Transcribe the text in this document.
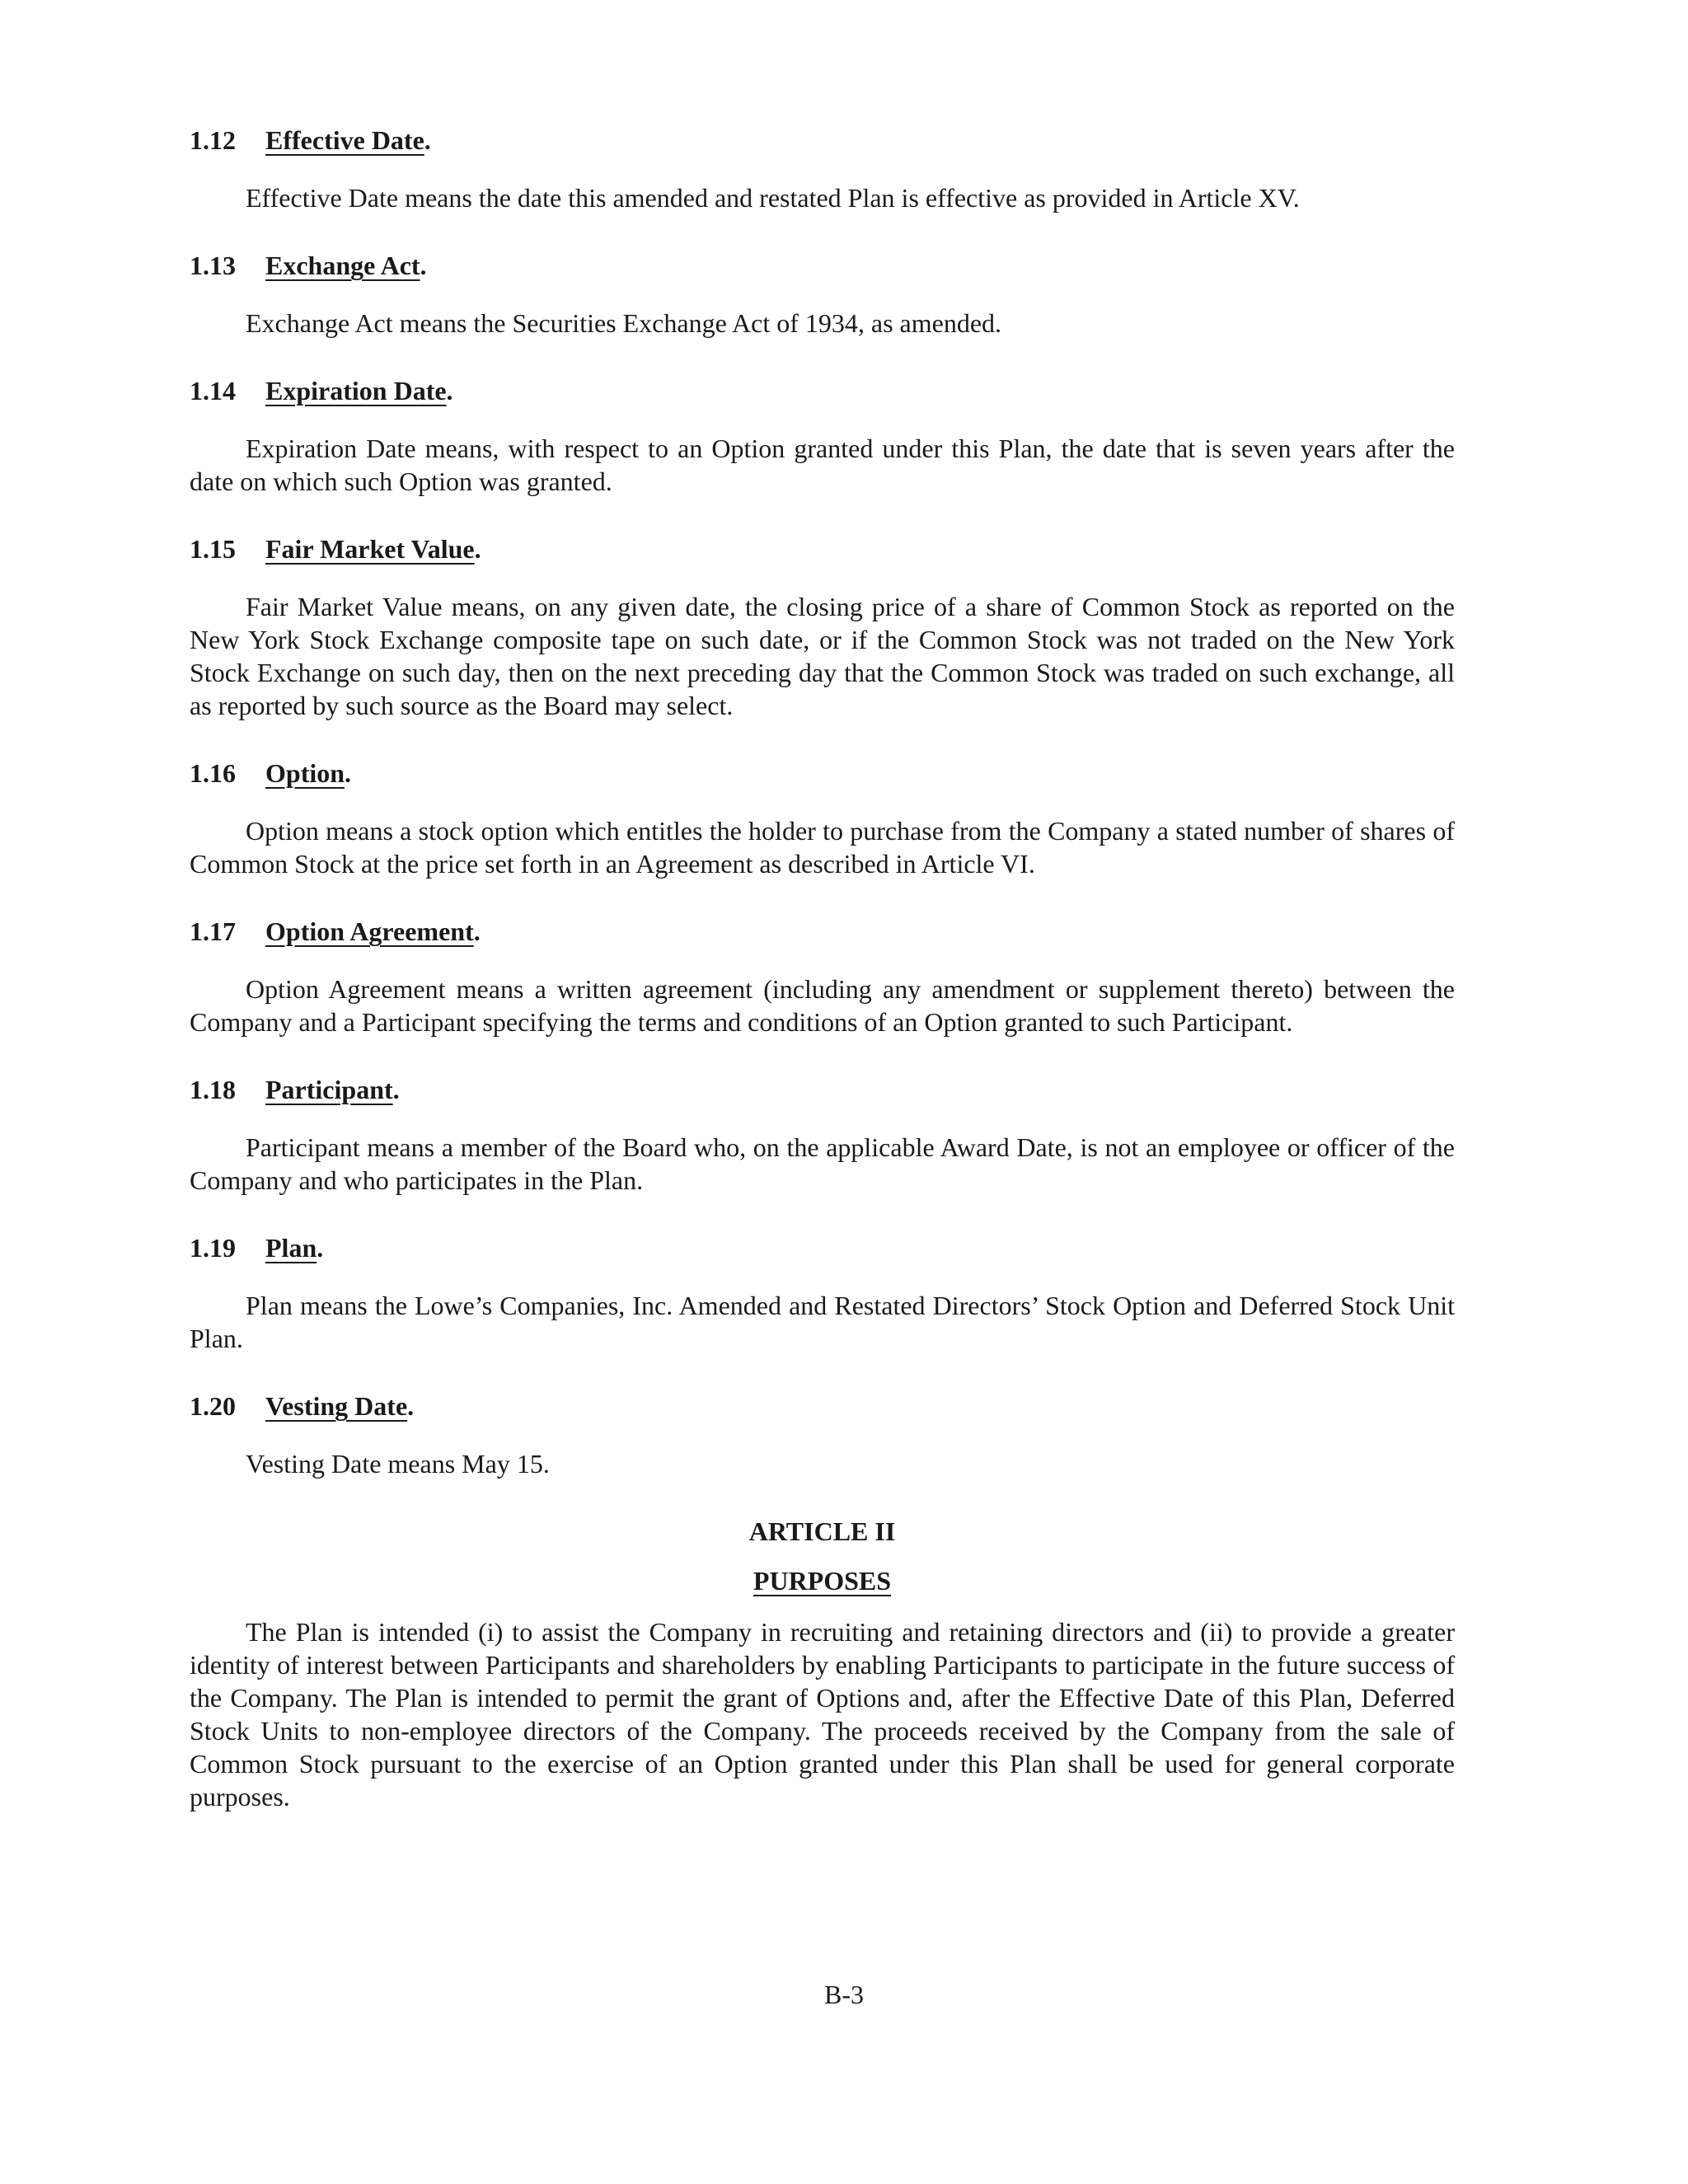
1.12 Effective Date.

Effective Date means the date this amended and restated Plan is effective as provided in Article XV.

1.13 Exchange Act.

Exchange Act means the Securities Exchange Act of 1934, as amended.

1.14 Expiration Date.

Expiration Date means, with respect to an Option granted under this Plan, the date that is seven years after the date on which such Option was granted.

1.15 Fair Market Value.

Fair Market Value means, on any given date, the closing price of a share of Common Stock as reported on the New York Stock Exchange composite tape on such date, or if the Common Stock was not traded on the New York Stock Exchange on such day, then on the next preceding day that the Common Stock was traded on such exchange, all as reported by such source as the Board may select.

1.16 Option.

Option means a stock option which entitles the holder to purchase from the Company a stated number of shares of Common Stock at the price set forth in an Agreement as described in Article VI.

1.17 Option Agreement.

Option Agreement means a written agreement (including any amendment or supplement thereto) between the Company and a Participant specifying the terms and conditions of an Option granted to such Participant.

1.18 Participant.

Participant means a member of the Board who, on the applicable Award Date, is not an employee or officer of the Company and who participates in the Plan.

1.19 Plan.

Plan means the Lowe’s Companies, Inc. Amended and Restated Directors’ Stock Option and Deferred Stock Unit Plan.

1.20 Vesting Date.

Vesting Date means May 15.

ARTICLE II

PURPOSES

The Plan is intended (i) to assist the Company in recruiting and retaining directors and (ii) to provide a greater identity of interest between Participants and shareholders by enabling Participants to participate in the future success of the Company. The Plan is intended to permit the grant of Options and, after the Effective Date of this Plan, Deferred Stock Units to non-employee directors of the Company. The proceeds received by the Company from the sale of Common Stock pursuant to the exercise of an Option granted under this Plan shall be used for general corporate purposes.

B-3
